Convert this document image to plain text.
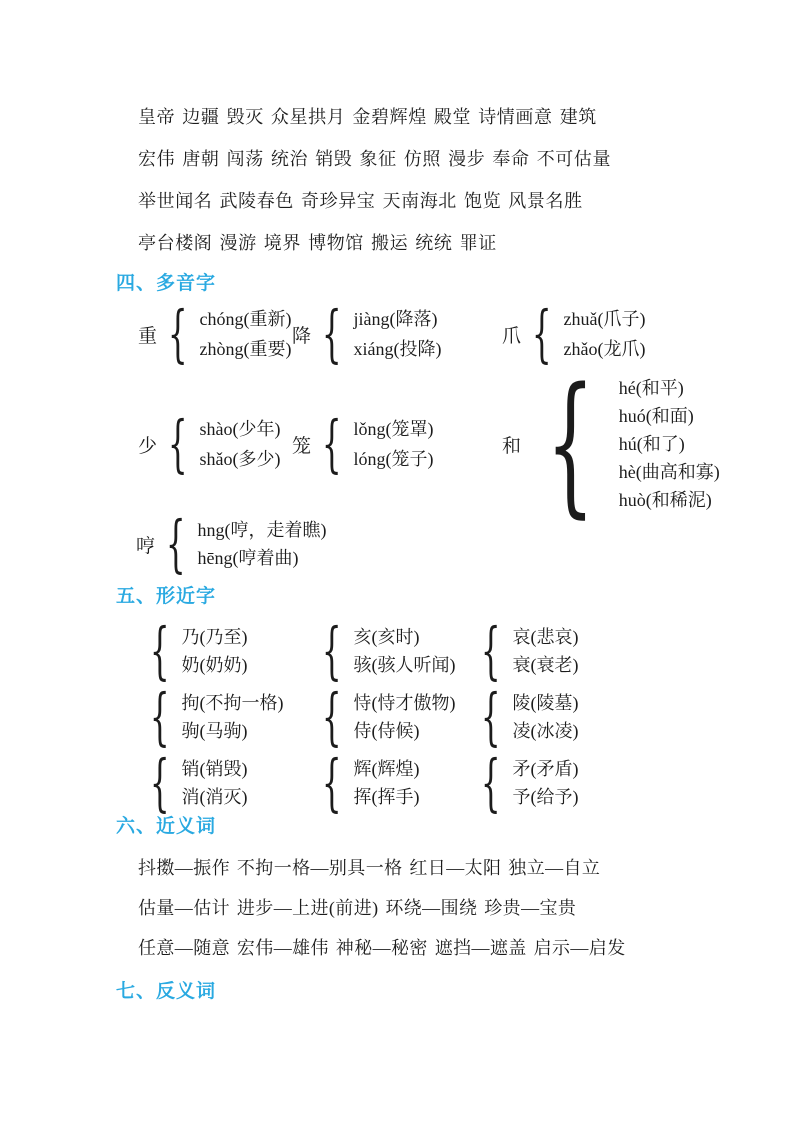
皇帝 边疆 毁灭 众星拱月 金碧辉煌 殿堂 诗情画意 建筑

宏伟 唐朝 闯荡 统治 销毁 象征 仿照 漫步 奉命 不可估量

举世闻名 武陵春色 奇珍异宝 天南海北 饱览 风景名胜

亭台楼阁 漫游 境界 博物馆 搬运 统统 罪证

四、多音字
重 { chóng(重新)
zhòng(重要)
降 { jiàng(降落)
xiáng(投降)
爪 { zhuǎ(爪子)
zhǎo(龙爪)
少 { shào(少年)
shǎo(多少)
笼 { lǒng(笼罩)
lóng(笼子)
和 { hé(和平)
huó(和面)
hú(和了)
hè(曲高和寡)
huò(和稀泥)
哼 { hng(哼，走着瞧)
hēng(哼着曲)
五、形近字
{ 乃(乃至)
奶(奶奶) { 亥(亥时)
骇(骇人听闻) { 哀(悲哀)
衰(衰老)
{ 拘(不拘一格)
驹(马驹)	{ 恃(恃才傲物)
侍(侍候) { 陵(陵墓)
凌(冰凌)
{ 销(销毁)
消(消灭) { 辉(辉煌)
挥(挥手) { 矛(矛盾)
予(给予)
六、近义词

抖擞—振作 不拘一格—别具一格 红日—太阳 独立—自立

估量—估计 进步—上进(前进) 环绕—围绕 珍贵—宝贵

任意—随意 宏伟—雄伟 神秘—秘密 遮挡—遮盖 启示—启发

七、反义词
